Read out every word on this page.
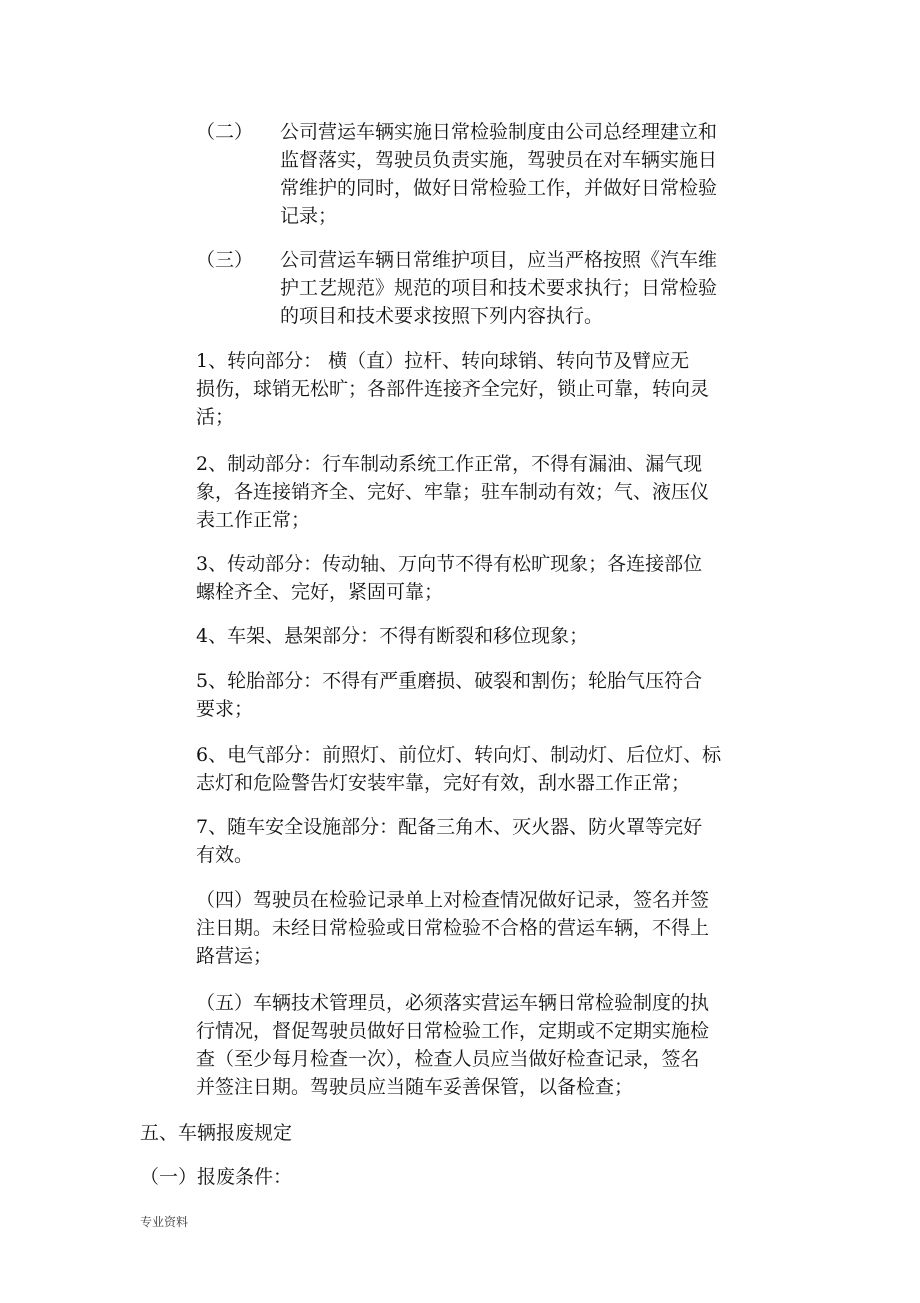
（二） 公司营运车辆实施日常检验制度由公司总经理建立和
监督落实，驾驶员负责实施，驾驶员在对车辆实施日
常维护的同时，做好日常检验工作，并做好日常检验
记录；
（三） 公司营运车辆日常维护项目，应当严格按照《汽车维
护工艺规范》规范的项目和技术要求执行；日常检验
的项目和技术要求按照下列内容执行。
1、转向部分： 横（直）拉杆、转向球销、转向节及臂应无
损伤，球销无松旷；各部件连接齐全完好，锁止可靠，转向灵
活；
2、制动部分：行车制动系统工作正常，不得有漏油、漏气现
象，各连接销齐全、完好、牢靠；驻车制动有效；气、液压仪
表工作正常；
3、传动部分：传动轴、万向节不得有松旷现象；各连接部位
螺栓齐全、完好，紧固可靠；
4、车架、悬架部分：不得有断裂和移位现象；
5、轮胎部分：不得有严重磨损、破裂和割伤；轮胎气压符合
要求；
6、电气部分：前照灯、前位灯、转向灯、制动灯、后位灯、标
志灯和危险警告灯安装牢靠，完好有效，刮水器工作正常；
7、随车安全设施部分：配备三角木、灭火器、防火罩等完好
有效。
（四）驾驶员在检验记录单上对检查情况做好记录，签名并签
注日期。未经日常检验或日常检验不合格的营运车辆，不得上
路营运；
（五）车辆技术管理员，必须落实营运车辆日常检验制度的执
行情况，督促驾驶员做好日常检验工作，定期或不定期实施检
查（至少每月检查一次），检查人员应当做好检查记录，签名
并签注日期。驾驶员应当随车妥善保管，以备检查；
五、车辆报废规定
（一）报废条件：
专业资料
